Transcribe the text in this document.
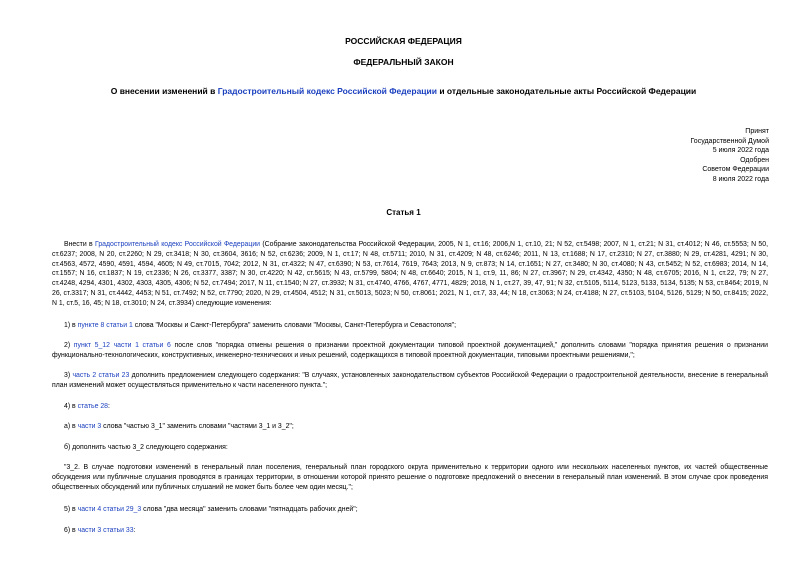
РОССИЙСКАЯ ФЕДЕРАЦИЯ
ФЕДЕРАЛЬНЫЙ ЗАКОН
О внесении изменений в Градостроительный кодекс Российской Федерации и отдельные законодательные акты Российской Федерации
Принят
Государственной Думой
5 июля 2022 года
Одобрен
Советом Федерации
8 июля 2022 года
Статья 1
Внести в Градостроительный кодекс Российской Федерации (Собрание законодательства Российской Федерации, 2005, N 1, ст.16; 2006,N 1, ст.10, 21; N 52, ст.5498; 2007, N 1, ст.21; N 31, ст.4012; N 46, ст.5553; N 50, ст.6237; 2008, N 20, ст.2260; N 29, ст.3418; N 30, ст.3604, 3616; N 52, ст.6236; 2009, N 1, ст.17; N 48, ст.5711; 2010, N 31, ст.4209; N 48, ст.6246; 2011, N 13, ст.1688; N 17, ст.2310; N 27, ст.3880; N 29, ст.4281, 4291; N 30, ст.4563, 4572, 4590, 4591, 4594, 4605; N 49, ст.7015, 7042; 2012, N 31, ст.4322; N 47, ст.6390; N 53, ст.7614, 7619, 7643; 2013, N 9, ст.873; N 14, ст.1651; N 27, ст.3480; N 30, ст.4080; N 43, ст.5452; N 52, ст.6983; 2014, N 14, ст.1557; N 16, ст.1837; N 19, ст.2336; N 26, ст.3377, 3387; N 30, ст.4220; N 42, ст.5615; N 43, ст.5799, 5804; N 48, ст.6640; 2015, N 1, ст.9, 11, 86; N 27, ст.3967; N 29, ст.4342, 4350; N 48, ст.6705; 2016, N 1, ст.22, 79; N 27, ст.4248, 4294, 4301, 4302, 4303, 4305, 4306; N 52, ст.7494; 2017, N 11, ст.1540; N 27, ст.3932; N 31, ст.4740, 4766, 4767, 4771, 4829; 2018, N 1, ст.27, 39, 47, 91; N 32, ст.5105, 5114, 5123, 5133, 5134, 5135; N 53, ст.8464; 2019, N 26, ст.3317; N 31, ст.4442, 4453; N 51, ст.7492; N 52, ст.7790; 2020, N 29, ст.4504, 4512; N 31, ст.5013, 5023; N 50, ст.8061; 2021, N 1, ст.7, 33, 44; N 18, ст.3063; N 24, ст.4188; N 27, ст.5103, 5104, 5126, 5129; N 50, ст.8415; 2022, N 1, ст.5, 16, 45; N 18, ст.3010; N 24, ст.3934) следующие изменения:
1) в пункте 8 статьи 1 слова "Москвы и Санкт-Петербурга" заменить словами "Москвы, Санкт-Петербурга и Севастополя";
2) пункт 5_12 части 1 статьи 6 после слов "порядка отмены решения о признании проектной документации типовой проектной документацией," дополнить словами "порядка принятия решения о признании функционально-технологических, конструктивных, инженерно-технических и иных решений, содержащихся в типовой проектной документации, типовыми проектными решениями,";
3) часть 2 статьи 23 дополнить предложением следующего содержания: "В случаях, установленных законодательством субъектов Российской Федерации о градостроительной деятельности, внесение в генеральный план изменений может осуществляться применительно к части населенного пункта.";
4) в статье 28:
а) в части 3 слова "частью 3_1" заменить словами "частями 3_1 и 3_2";
б) дополнить частью 3_2 следующего содержания:
"3_2. В случае подготовки изменений в генеральный план поселения, генеральный план городского округа применительно к территории одного или нескольких населенных пунктов, их частей общественные обсуждения или публичные слушания проводятся в границах территории, в отношении которой принято решение о подготовке предложений о внесении в генеральный план изменений. В этом случае срок проведения общественных обсуждений или публичных слушаний не может быть более чем один месяц.";
5) в части 4 статьи 29_3 слова "два месяца" заменить словами "пятнадцать рабочих дней";
6) в части 3 статьи 33:
